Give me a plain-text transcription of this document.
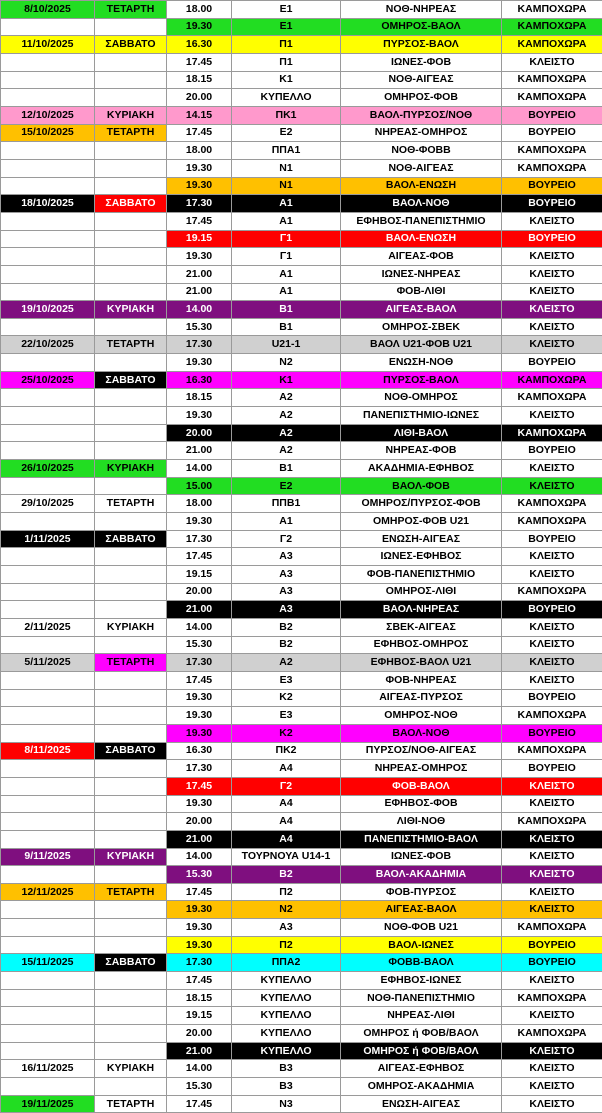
8/10/2025	ΤΕΤΑΡΤΗ	18.00	Ε1	ΝΟΘ-ΝΗΡΕΑΣ	ΚΑΜΠΟΧΩΡΑ
		19.30	Ε1	ΟΜΗΡΟΣ-ΒΑΟΛ	ΚΑΜΠΟΧΩΡΑ
11/10/2025	ΣΑΒΒΑΤΟ	16.30	Π1	ΠΥΡΣΟΣ-ΒΑΟΛ	ΚΑΜΠΟΧΩΡΑ
		17.45	Π1	ΙΩΝΕΣ-ΦΟΒ	ΚΛΕΙΣΤΟ
		18.15	Κ1	ΝΟΘ-ΑΙΓΕΑΣ	ΚΑΜΠΟΧΩΡΑ
		20.00	ΚΥΠΕΛΛΟ	ΟΜΗΡΟΣ-ΦΟΒ	ΚΑΜΠΟΧΩΡΑ
12/10/2025	ΚΥΡΙΑΚΗ	14.15	ΠΚ1	ΒΑΟΛ-ΠΥΡΣΟΣ/ΝΟΘ	ΒΟΥΡΕΙΟ
15/10/2025	ΤΕΤΑΡΤΗ	17.45	Ε2	ΝΗΡΕΑΣ-ΟΜΗΡΟΣ	ΒΟΥΡΕΙΟ
		18.00	ΠΠΑ1	ΝΟΘ-ΦΟΒΒ	ΚΑΜΠΟΧΩΡΑ
		19.30	Ν1	ΝΟΘ-ΑΙΓΕΑΣ	ΚΑΜΠΟΧΩΡΑ
		19.30	Ν1	ΒΑΟΛ-ΕΝΩΣΗ	ΒΟΥΡΕΙΟ
18/10/2025	ΣΑΒΒΑΤΟ	17.30	Α1	ΒΑΟΛ-ΝΟΘ	ΒΟΥΡΕΙΟ
		17.45	Α1	ΕΦΗΒΟΣ-ΠΑΝΕΠΙΣΤΗΜΙΟ	ΚΛΕΙΣΤΟ
		19.15	Γ1	ΒΑΟΛ-ΕΝΩΣΗ	ΒΟΥΡΕΙΟ
		19.30	Γ1	ΑΙΓΕΑΣ-ΦΟΒ	ΚΛΕΙΣΤΟ
		21.00	Α1	ΙΩΝΕΣ-ΝΗΡΕΑΣ	ΚΛΕΙΣΤΟ
		21.00	Α1	ΦΟΒ-ΛΙΘΙ	ΚΛΕΙΣΤΟ
19/10/2025	ΚΥΡΙΑΚΗ	14.00	Β1	ΑΙΓΕΑΣ-ΒΑΟΛ	ΚΛΕΙΣΤΟ
		15.30	Β1	ΟΜΗΡΟΣ-ΣΒΕΚ	ΚΛΕΙΣΤΟ
22/10/2025	ΤΕΤΑΡΤΗ	17.30	U21-1	ΒΑΟΛ U21-ΦΟΒ U21	ΚΛΕΙΣΤΟ
		19.30	Ν2	ΕΝΩΣΗ-ΝΟΘ	ΒΟΥΡΕΙΟ
25/10/2025	ΣΑΒΒΑΤΟ	16.30	Κ1	ΠΥΡΣΟΣ-ΒΑΟΛ	ΚΑΜΠΟΧΩΡΑ
		18.15	Α2	ΝΟΘ-ΟΜΗΡΟΣ	ΚΑΜΠΟΧΩΡΑ
		19.30	Α2	ΠΑΝΕΠΙΣΤΗΜΙΟ-ΙΩΝΕΣ	ΚΛΕΙΣΤΟ
		20.00	Α2	ΛΙΘΙ-ΒΑΟΛ	ΚΑΜΠΟΧΩΡΑ
		21.00	Α2	ΝΗΡΕΑΣ-ΦΟΒ	ΒΟΥΡΕΙΟ
26/10/2025	ΚΥΡΙΑΚΗ	14.00	Β1	ΑΚΑΔΗΜΙΑ-ΕΦΗΒΟΣ	ΚΛΕΙΣΤΟ
		15.00	Ε2	ΒΑΟΛ-ΦΟΒ	ΚΛΕΙΣΤΟ
29/10/2025	ΤΕΤΑΡΤΗ	18.00	ΠΠΒ1	ΟΜΗΡΟΣ/ΠΥΡΣΟΣ-ΦΟΒ	ΚΑΜΠΟΧΩΡΑ
		19.30	Α1	ΟΜΗΡΟΣ-ΦΟΒ U21	ΚΑΜΠΟΧΩΡΑ
1/11/2025	ΣΑΒΒΑΤΟ	17.30	Γ2	ΕΝΩΣΗ-ΑΙΓΕΑΣ	ΒΟΥΡΕΙΟ
		17.45	Α3	ΙΩΝΕΣ-ΕΦΗΒΟΣ	ΚΛΕΙΣΤΟ
		19.15	Α3	ΦΟΒ-ΠΑΝΕΠΙΣΤΗΜΙΟ	ΚΛΕΙΣΤΟ
		20.00	Α3	ΟΜΗΡΟΣ-ΛΙΘΙ	ΚΑΜΠΟΧΩΡΑ
		21.00	Α3	ΒΑΟΛ-ΝΗΡΕΑΣ	ΒΟΥΡΕΙΟ
2/11/2025	ΚΥΡΙΑΚΗ	14.00	Β2	ΣΒΕΚ-ΑΙΓΕΑΣ	ΚΛΕΙΣΤΟ
		15.30	Β2	ΕΦΗΒΟΣ-ΟΜΗΡΟΣ	ΚΛΕΙΣΤΟ
5/11/2025	ΤΕΤΑΡΤΗ	17.30	Α2	ΕΦΗΒΟΣ-ΒΑΟΛ U21	ΚΛΕΙΣΤΟ
		17.45	Ε3	ΦΟΒ-ΝΗΡΕΑΣ	ΚΛΕΙΣΤΟ
		19.30	Κ2	ΑΙΓΕΑΣ-ΠΥΡΣΟΣ	ΒΟΥΡΕΙΟ
		19.30	Ε3	ΟΜΗΡΟΣ-ΝΟΘ	ΚΑΜΠΟΧΩΡΑ
		19.30	Κ2	ΒΑΟΛ-ΝΟΘ	ΒΟΥΡΕΙΟ
8/11/2025	ΣΑΒΒΑΤΟ	16.30	ΠΚ2	ΠΥΡΣΟΣ/ΝΟΘ-ΑΙΓΕΑΣ	ΚΑΜΠΟΧΩΡΑ
		17.30	Α4	ΝΗΡΕΑΣ-ΟΜΗΡΟΣ	ΒΟΥΡΕΙΟ
		17.45	Γ2	ΦΟΒ-ΒΑΟΛ	ΚΛΕΙΣΤΟ
		19.30	Α4	ΕΦΗΒΟΣ-ΦΟΒ	ΚΛΕΙΣΤΟ
		20.00	Α4	ΛΙΘΙ-ΝΟΘ	ΚΑΜΠΟΧΩΡΑ
		21.00	Α4	ΠΑΝΕΠΙΣΤΗΜΙΟ-ΒΑΟΛ	ΚΛΕΙΣΤΟ
9/11/2025	ΚΥΡΙΑΚΗ	14.00	ΤΟΥΡΝΟΥΑ U14-1	ΙΩΝΕΣ-ΦΟΒ	ΚΛΕΙΣΤΟ
		15.30	Β2	ΒΑΟΛ-ΑΚΑΔΗΜΙΑ	ΚΛΕΙΣΤΟ
12/11/2025	ΤΕΤΑΡΤΗ	17.45	Π2	ΦΟΒ-ΠΥΡΣΟΣ	ΚΛΕΙΣΤΟ
		19.30	Ν2	ΑΙΓΕΑΣ-ΒΑΟΛ	ΚΛΕΙΣΤΟ
		19.30	Α3	ΝΟΘ-ΦΟΒ U21	ΚΑΜΠΟΧΩΡΑ
		19.30	Π2	ΒΑΟΛ-ΙΩΝΕΣ	ΒΟΥΡΕΙΟ
15/11/2025	ΣΑΒΒΑΤΟ	17.30	ΠΠΑ2	ΦΟΒΒ-ΒΑΟΛ	ΒΟΥΡΕΙΟ
		17.45	ΚΥΠΕΛΛΟ	ΕΦΗΒΟΣ-ΙΩΝΕΣ	ΚΛΕΙΣΤΟ
		18.15	ΚΥΠΕΛΛΟ	ΝΟΘ-ΠΑΝΕΠΙΣΤΗΜΙΟ	ΚΑΜΠΟΧΩΡΑ
		19.15	ΚΥΠΕΛΛΟ	ΝΗΡΕΑΣ-ΛΙΘΙ	ΚΛΕΙΣΤΟ
		20.00	ΚΥΠΕΛΛΟ	ΟΜΗΡΟΣ ή ΦΟΒ/ΒΑΟΛ	ΚΑΜΠΟΧΩΡΑ
		21.00	ΚΥΠΕΛΛΟ	ΟΜΗΡΟΣ ή ΦΟΒ/ΒΑΟΛ	ΚΛΕΙΣΤΟ
16/11/2025	ΚΥΡΙΑΚΗ	14.00	Β3	ΑΙΓΕΑΣ-ΕΦΗΒΟΣ	ΚΛΕΙΣΤΟ
		15.30	Β3	ΟΜΗΡΟΣ-ΑΚΑΔΗΜΙΑ	ΚΛΕΙΣΤΟ
19/11/2025	ΤΕΤΑΡΤΗ	17.45	Ν3	ΕΝΩΣΗ-ΑΙΓΕΑΣ	ΚΛΕΙΣΤΟ
